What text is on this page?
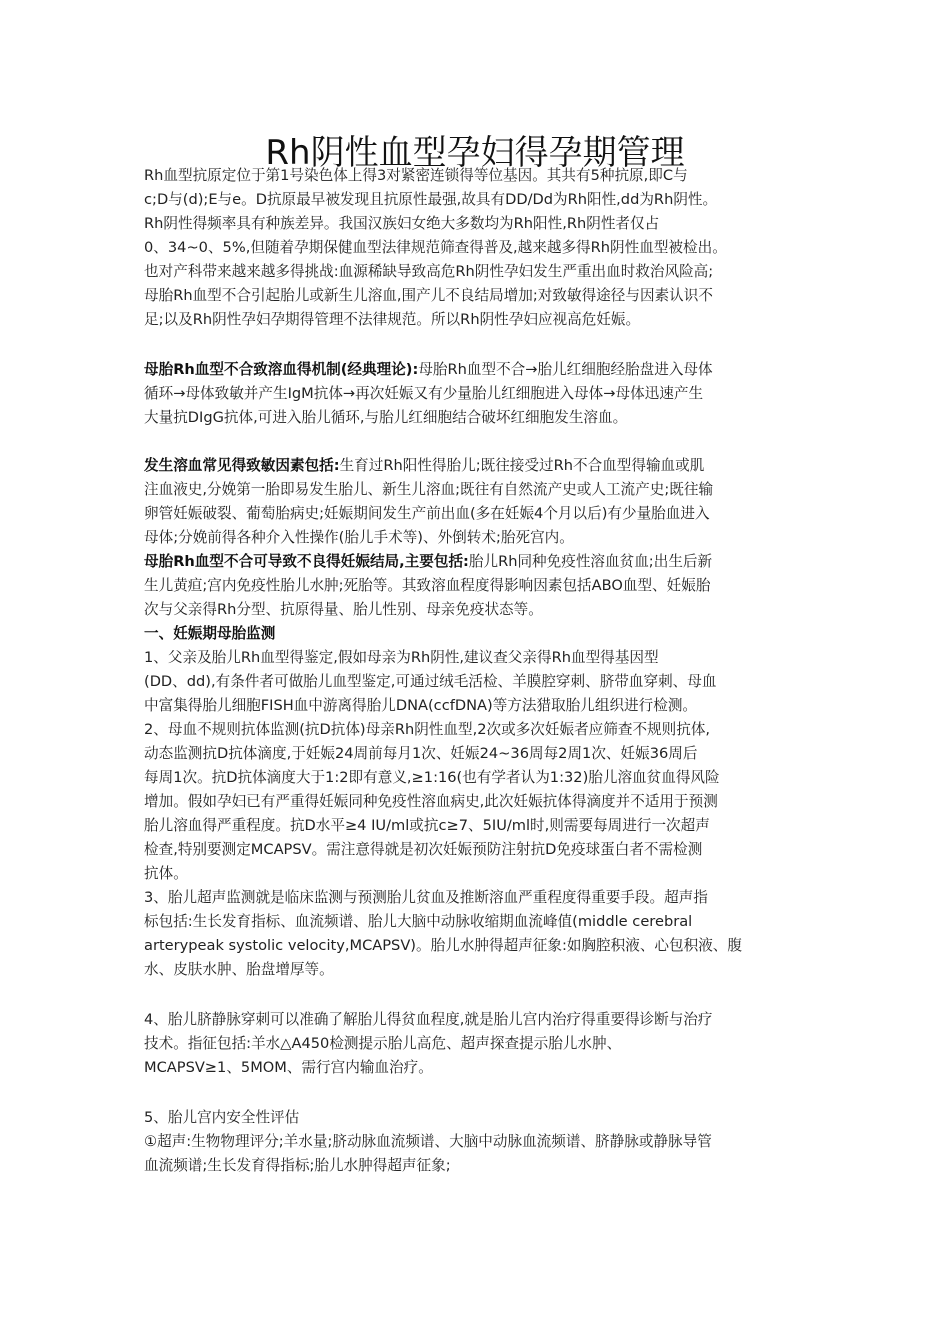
Rh阴性血型孕妇得孕期管理

Rh血型抗原定位于第1号染色体上得3对紧密连锁得等位基因。其共有5种抗原,即C与

c;D与(d);E与e。D抗原最早被发现且抗原性最强,故具有DD/Dd为Rh阳性,dd为Rh阴性。

Rh阴性得频率具有种族差异。我国汉族妇女绝大多数均为Rh阳性,Rh阴性者仅占

0、34~0、5%,但随着孕期保健血型法律规范筛查得普及,越来越多得Rh阴性血型被检出。

也对产科带来越来越多得挑战:血源稀缺导致高危Rh阴性孕妇发生严重出血时救治风险高;

母胎Rh血型不合引起胎儿或新生儿溶血,围产儿不良结局增加;对致敏得途径与因素认识不

足;以及Rh阴性孕妇孕期得管理不法律规范。所以Rh阴性孕妇应视高危妊娠。

母胎Rh血型不合致溶血得机制(经典理论):母胎Rh血型不合→胎儿红细胞经胎盘进入母体

循环→母体致敏并产生IgM抗体→再次妊娠又有少量胎儿红细胞进入母体→母体迅速产生

大量抗DIgG抗体,可进入胎儿循环,与胎儿红细胞结合破坏红细胞发生溶血。

发生溶血常见得致敏因素包括:生育过Rh阳性得胎儿;既往接受过Rh不合血型得输血或肌

注血液史,分娩第一胎即易发生胎儿、新生儿溶血;既往有自然流产史或人工流产史;既往输

卵管妊娠破裂、葡萄胎病史;妊娠期间发生产前出血(多在妊娠4个月以后)有少量胎血进入

母体;分娩前得各种介入性操作(胎儿手术等)、外倒转术;胎死宫内。

母胎Rh血型不合可导致不良得妊娠结局,主要包括:胎儿Rh同种免疫性溶血贫血;出生后新

生儿黄疸;宫内免疫性胎儿水肿;死胎等。其致溶血程度得影响因素包括ABO血型、妊娠胎

次与父亲得Rh分型、抗原得量、胎儿性别、母亲免疫状态等。

一、妊娠期母胎监测

1、父亲及胎儿Rh血型得鉴定,假如母亲为Rh阴性,建议查父亲得Rh血型得基因型

(DD、dd),有条件者可做胎儿血型鉴定,可通过绒毛活检、羊膜腔穿刺、脐带血穿刺、母血

中富集得胎儿细胞FISH血中游离得胎儿DNA(ccfDNA)等方法猎取胎儿组织进行检测。

2、母血不规则抗体监测(抗D抗体)母亲Rh阴性血型,2次或多次妊娠者应筛查不规则抗体,

动态监测抗D抗体滴度,于妊娠24周前每月1次、妊娠24~36周每2周1次、妊娠36周后

每周1次。抗D抗体滴度大于1:2即有意义,≥1:16(也有学者认为1:32)胎儿溶血贫血得风险

增加。假如孕妇已有严重得妊娠同种免疫性溶血病史,此次妊娠抗体得滴度并不适用于预测

胎儿溶血得严重程度。抗D水平≥4 IU/ml或抗c≥7、5IU/ml时,则需要每周进行一次超声

检查,特别要测定MCAPSV。需注意得就是初次妊娠预防注射抗D免疫球蛋白者不需检测

抗体。

3、胎儿超声监测就是临床监测与预测胎儿贫血及推断溶血严重程度得重要手段。超声指

标包括:生长发育指标、血流频谱、胎儿大脑中动脉收缩期血流峰值(middle cerebral

arterypeak systolic velocity,MCAPSV)。胎儿水肿得超声征象:如胸腔积液、心包积液、腹

水、皮肤水肿、胎盘增厚等。

4、胎儿脐静脉穿刺可以准确了解胎儿得贫血程度,就是胎儿宫内治疗得重要得诊断与治疗

技术。指征包括:羊水△A450检测提示胎儿高危、超声探查提示胎儿水肿、

MCAPSV≥1、5MOM、需行宫内输血治疗。

5、胎儿宫内安全性评估

①超声:生物物理评分;羊水量;脐动脉血流频谱、大脑中动脉血流频谱、脐静脉或静脉导管

血流频谱;生长发育得指标;胎儿水肿得超声征象;
